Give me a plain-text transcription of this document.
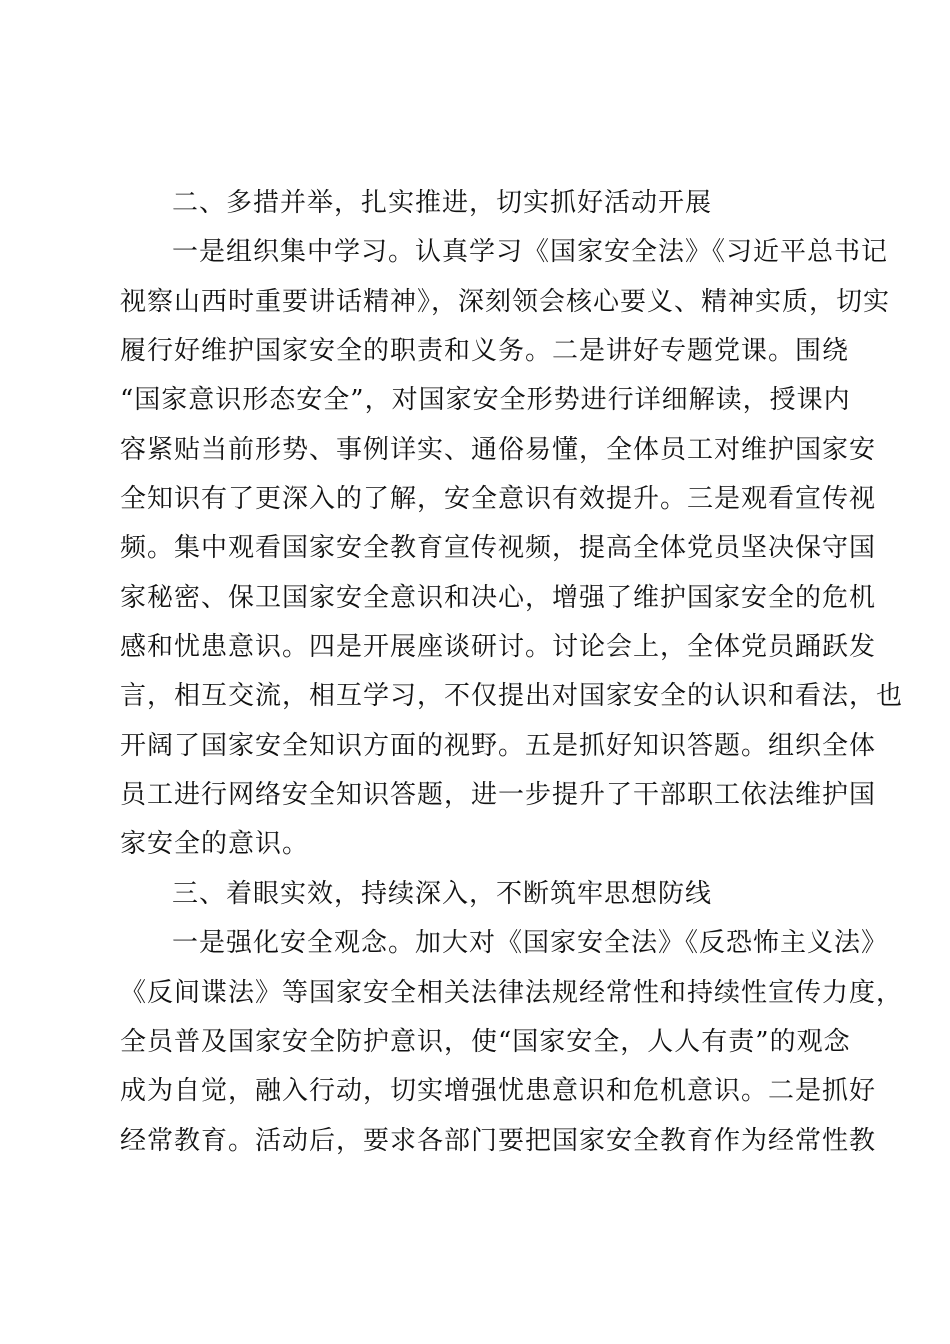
二、多措并举，扎实推进，切实抓好活动开展
一是组织集中学习。认真学习《国家安全法》《习近平总书记
视察山西时重要讲话精神》，深刻领会核心要义、精神实质，切实
履行好维护国家安全的职责和义务。二是讲好专题党课。围绕
“国家意识形态安全”，对国家安全形势进行详细解读，授课内
容紧贴当前形势、事例详实、通俗易懂，全体员工对维护国家安
全知识有了更深入的了解，安全意识有效提升。三是观看宣传视
频。集中观看国家安全教育宣传视频，提高全体党员坚决保守国
家秘密、保卫国家安全意识和决心，增强了维护国家安全的危机
感和忧患意识。四是开展座谈研讨。讨论会上，全体党员踊跃发
言，相互交流，相互学习，不仅提出对国家安全的认识和看法，也
开阔了国家安全知识方面的视野。五是抓好知识答题。组织全体
员工进行网络安全知识答题，进一步提升了干部职工依法维护国
家安全的意识。
三、着眼实效，持续深入，不断筑牢思想防线
一是强化安全观念。加大对《国家安全法》《反恐怖主义法》
《反间谍法》等国家安全相关法律法规经常性和持续性宣传力度，
全员普及国家安全防护意识，使“国家安全，人人有责”的观念
成为自觉，融入行动，切实增强忧患意识和危机意识。二是抓好
经常教育。活动后，要求各部门要把国家安全教育作为经常性教
